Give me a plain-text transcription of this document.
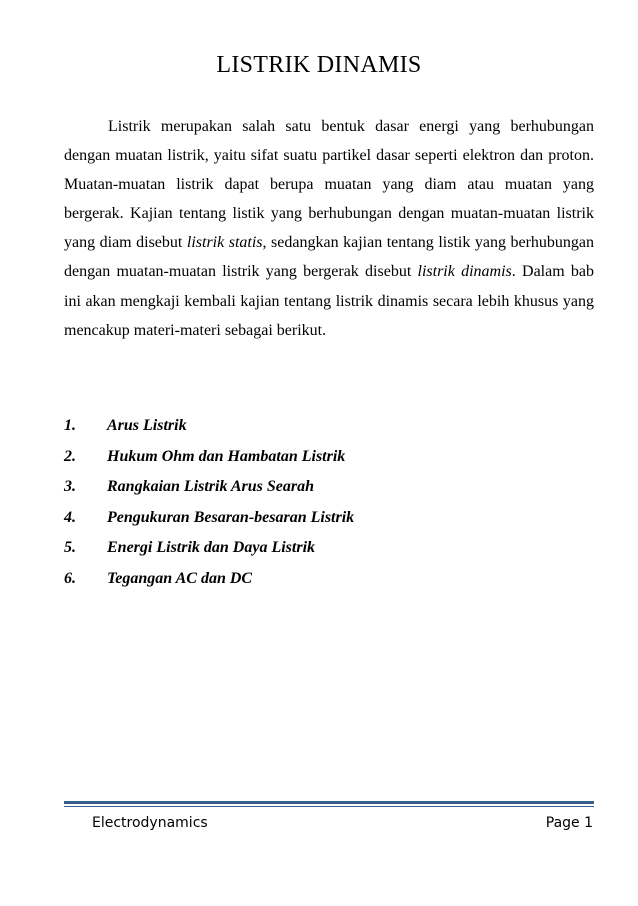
LISTRIK DINAMIS

Listrik merupakan salah satu bentuk dasar energi yang berhubungan dengan muatan listrik, yaitu sifat suatu partikel dasar seperti elektron dan proton. Muatan-muatan listrik dapat berupa muatan yang diam atau muatan yang bergerak. Kajian tentang listik yang berhubungan dengan muatan-muatan listrik yang diam disebut listrik statis, sedangkan kajian tentang listik yang berhubungan dengan muatan-muatan listrik yang bergerak disebut listrik dinamis. Dalam bab ini akan mengkaji kembali kajian tentang listrik dinamis secara lebih khusus yang mencakup materi-materi sebagai berikut.

1. Arus Listrik
2. Hukum Ohm dan Hambatan Listrik
3. Rangkaian Listrik Arus Searah
4. Pengukuran Besaran-besaran Listrik
5. Energi Listrik dan Daya Listrik
6. Tegangan AC dan DC
Electrodynamics	Page 1
